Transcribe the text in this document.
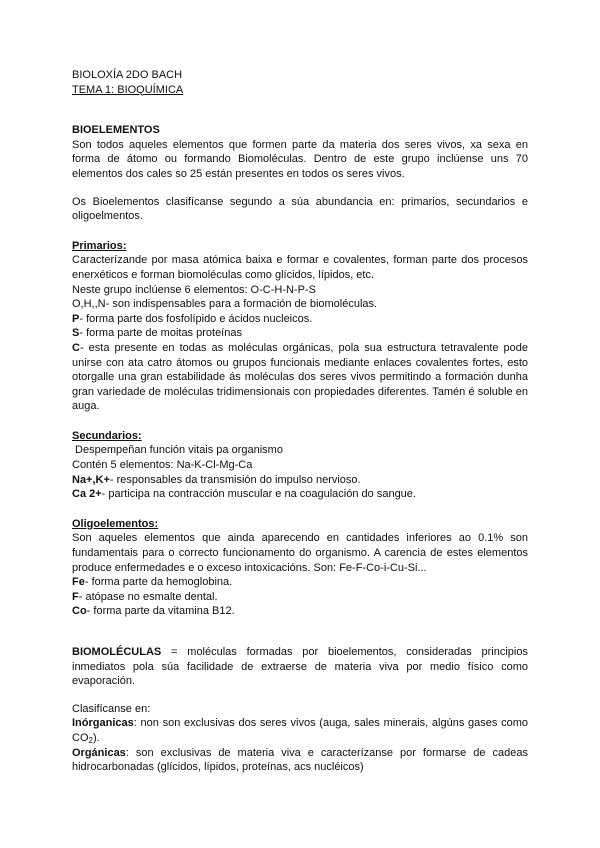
BIOLOXÍA 2DO BACH

TEMA 1: BIOQUÍMICA

BIOELEMENTOS

Son todos aqueles elementos que formen parte da materia dos seres vivos, xa sexa en forma de átomo ou formando Biomoléculas. Dentro de este grupo inclúense uns 70 elementos dos cales so 25 están presentes en todos os seres vivos.

Os Bioelementos clasifícanse segundo a súa abundancia en: primarios, secundarios e oligoelmentos.

Primarios:

Caracterízande por masa atómica baixa e formar e covalentes, forman parte dos procesos enerxéticos e forman biomoléculas como glícidos, lípidos, etc.

Neste grupo inclúense 6 elementos: O-C-H-N-P-S

O,H,,N- son indispensables para a formación de biomoléculas.

P- forma parte dos fosfolípido e ácidos nucleicos.

S- forma parte de moitas proteínas

C- esta presente en todas as moléculas orgánicas, pola sua estructura tetravalente pode unirse con ata catro átomos ou grupos funcionais mediante enlaces covalentes fortes, esto otorgalle una gran estabilidade ás moléculas dos seres vivos permitindo a formación dunha gran variedade de moléculas tridimensionais con propiedades diferentes. Tamén é soluble en auga.

Secundarios:

Despempeñan función vitais pa organismo

Contén 5 elementos: Na-K-Cl-Mg-Ca

Na+,K+- responsables da transmisión do impulso nervioso.

Ca 2+- participa na contracción muscular e na coagulación do sangue.

Oligoelementos:

Son aqueles elementos que ainda aparecendo en cantidades inferiores ao 0.1% son fundamentais para o correcto funcionamento do organismo. A carencia de estes elementos produce enfermedades e o exceso intoxicacións. Son: Fe-F-Co-i-Cu-Si...

Fe- forma parte da hemoglobina.

F- atópase no esmalte dental.

Co- forma parte da vitamina B12.

BIOMOLÉCULAS = moléculas formadas por bioelementos, consideradas principios inmediatos pola súa facilidade de extraerse de materia viva por medio físico como evaporación.

Clasifícanse en:

Inórganicas: non son exclusivas dos seres vivos (auga, sales minerais, algúns gases como $CO_2$).

Orgánicas: son exclusivas de materia viva e caracterízanse por formarse de cadeas hidrocarbonadas (glícidos, lípidos, proteínas, acs nucléicos)
